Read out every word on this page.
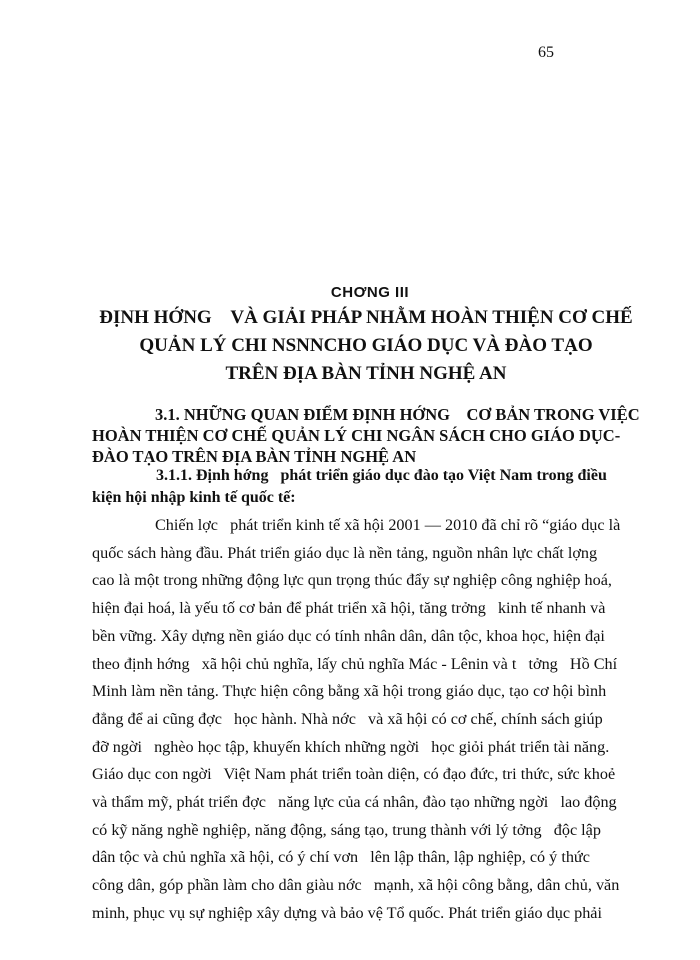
65
CHƠNG III
ĐỊNH HỚNG    VÀ GIẢI PHÁP NHẰM HOÀN THIỆN CƠ CHẾ
QUẢN LÝ CHI NSNNCHO GIÁO DỤC VÀ ĐÀO TẠO
TRÊN ĐỊA BÀN TỈNH NGHỆ AN
3.1. NHỮNG QUAN ĐIỂM ĐỊNH HỚNG    CƠ BẢN TRONG VIỆC
HOÀN THIỆN CƠ CHẾ QUẢN LÝ CHI NGÂN SÁCH CHO GIÁO DỤC-
ĐÀO TẠO TRÊN ĐỊA BÀN TỈNH NGHỆ AN
3.1.1. Định hớng   phát triển giáo dục đào tạo Việt Nam trong điều
kiện hội nhập kinh tế quốc tế:
Chiến lợc   phát triển kinh tế xã hội 2001 — 2010 đã chỉ rõ “giáo dục là
quốc sách hàng đầu. Phát triển giáo dục là nền tảng, nguồn nhân lực chất lợng
cao là một trong những động lực qun trọng thúc đẩy sự nghiệp công nghiệp hoá,
hiện đại hoá, là yếu tố cơ bản để phát triển xã hội, tăng trởng   kinh tế nhanh và
bền vững. Xây dựng nền giáo dục có tính nhân dân, dân tộc, khoa học, hiện đại
theo định hớng   xã hội chủ nghĩa, lấy chủ nghĩa Mác - Lênin và t   tởng   Hồ Chí
Minh làm nền tảng. Thực hiện công bằng xã hội trong giáo dục, tạo cơ hội bình
đẳng để ai cũng đợc   học hành. Nhà nớc   và xã hội có cơ chế, chính sách giúp
đỡ ngời   nghèo học tập, khuyến khích những ngời   học giỏi phát triển tài năng.
Giáo dục con ngời   Việt Nam phát triển toàn diện, có đạo đức, tri thức, sức khoẻ
và thẩm mỹ, phát triển đợc   năng lực của cá nhân, đào tạo những ngời   lao động
có kỹ năng nghề nghiệp, năng động, sáng tạo, trung thành với lý tởng   độc lập
dân tộc và chủ nghĩa xã hội, có ý chí vơn   lên lập thân, lập nghiệp, có ý thức
công dân, góp phần làm cho dân giàu nớc   mạnh, xã hội công bằng, dân chủ, văn
minh, phục vụ sự nghiệp xây dựng và bảo vệ Tổ quốc. Phát triển giáo dục phải
